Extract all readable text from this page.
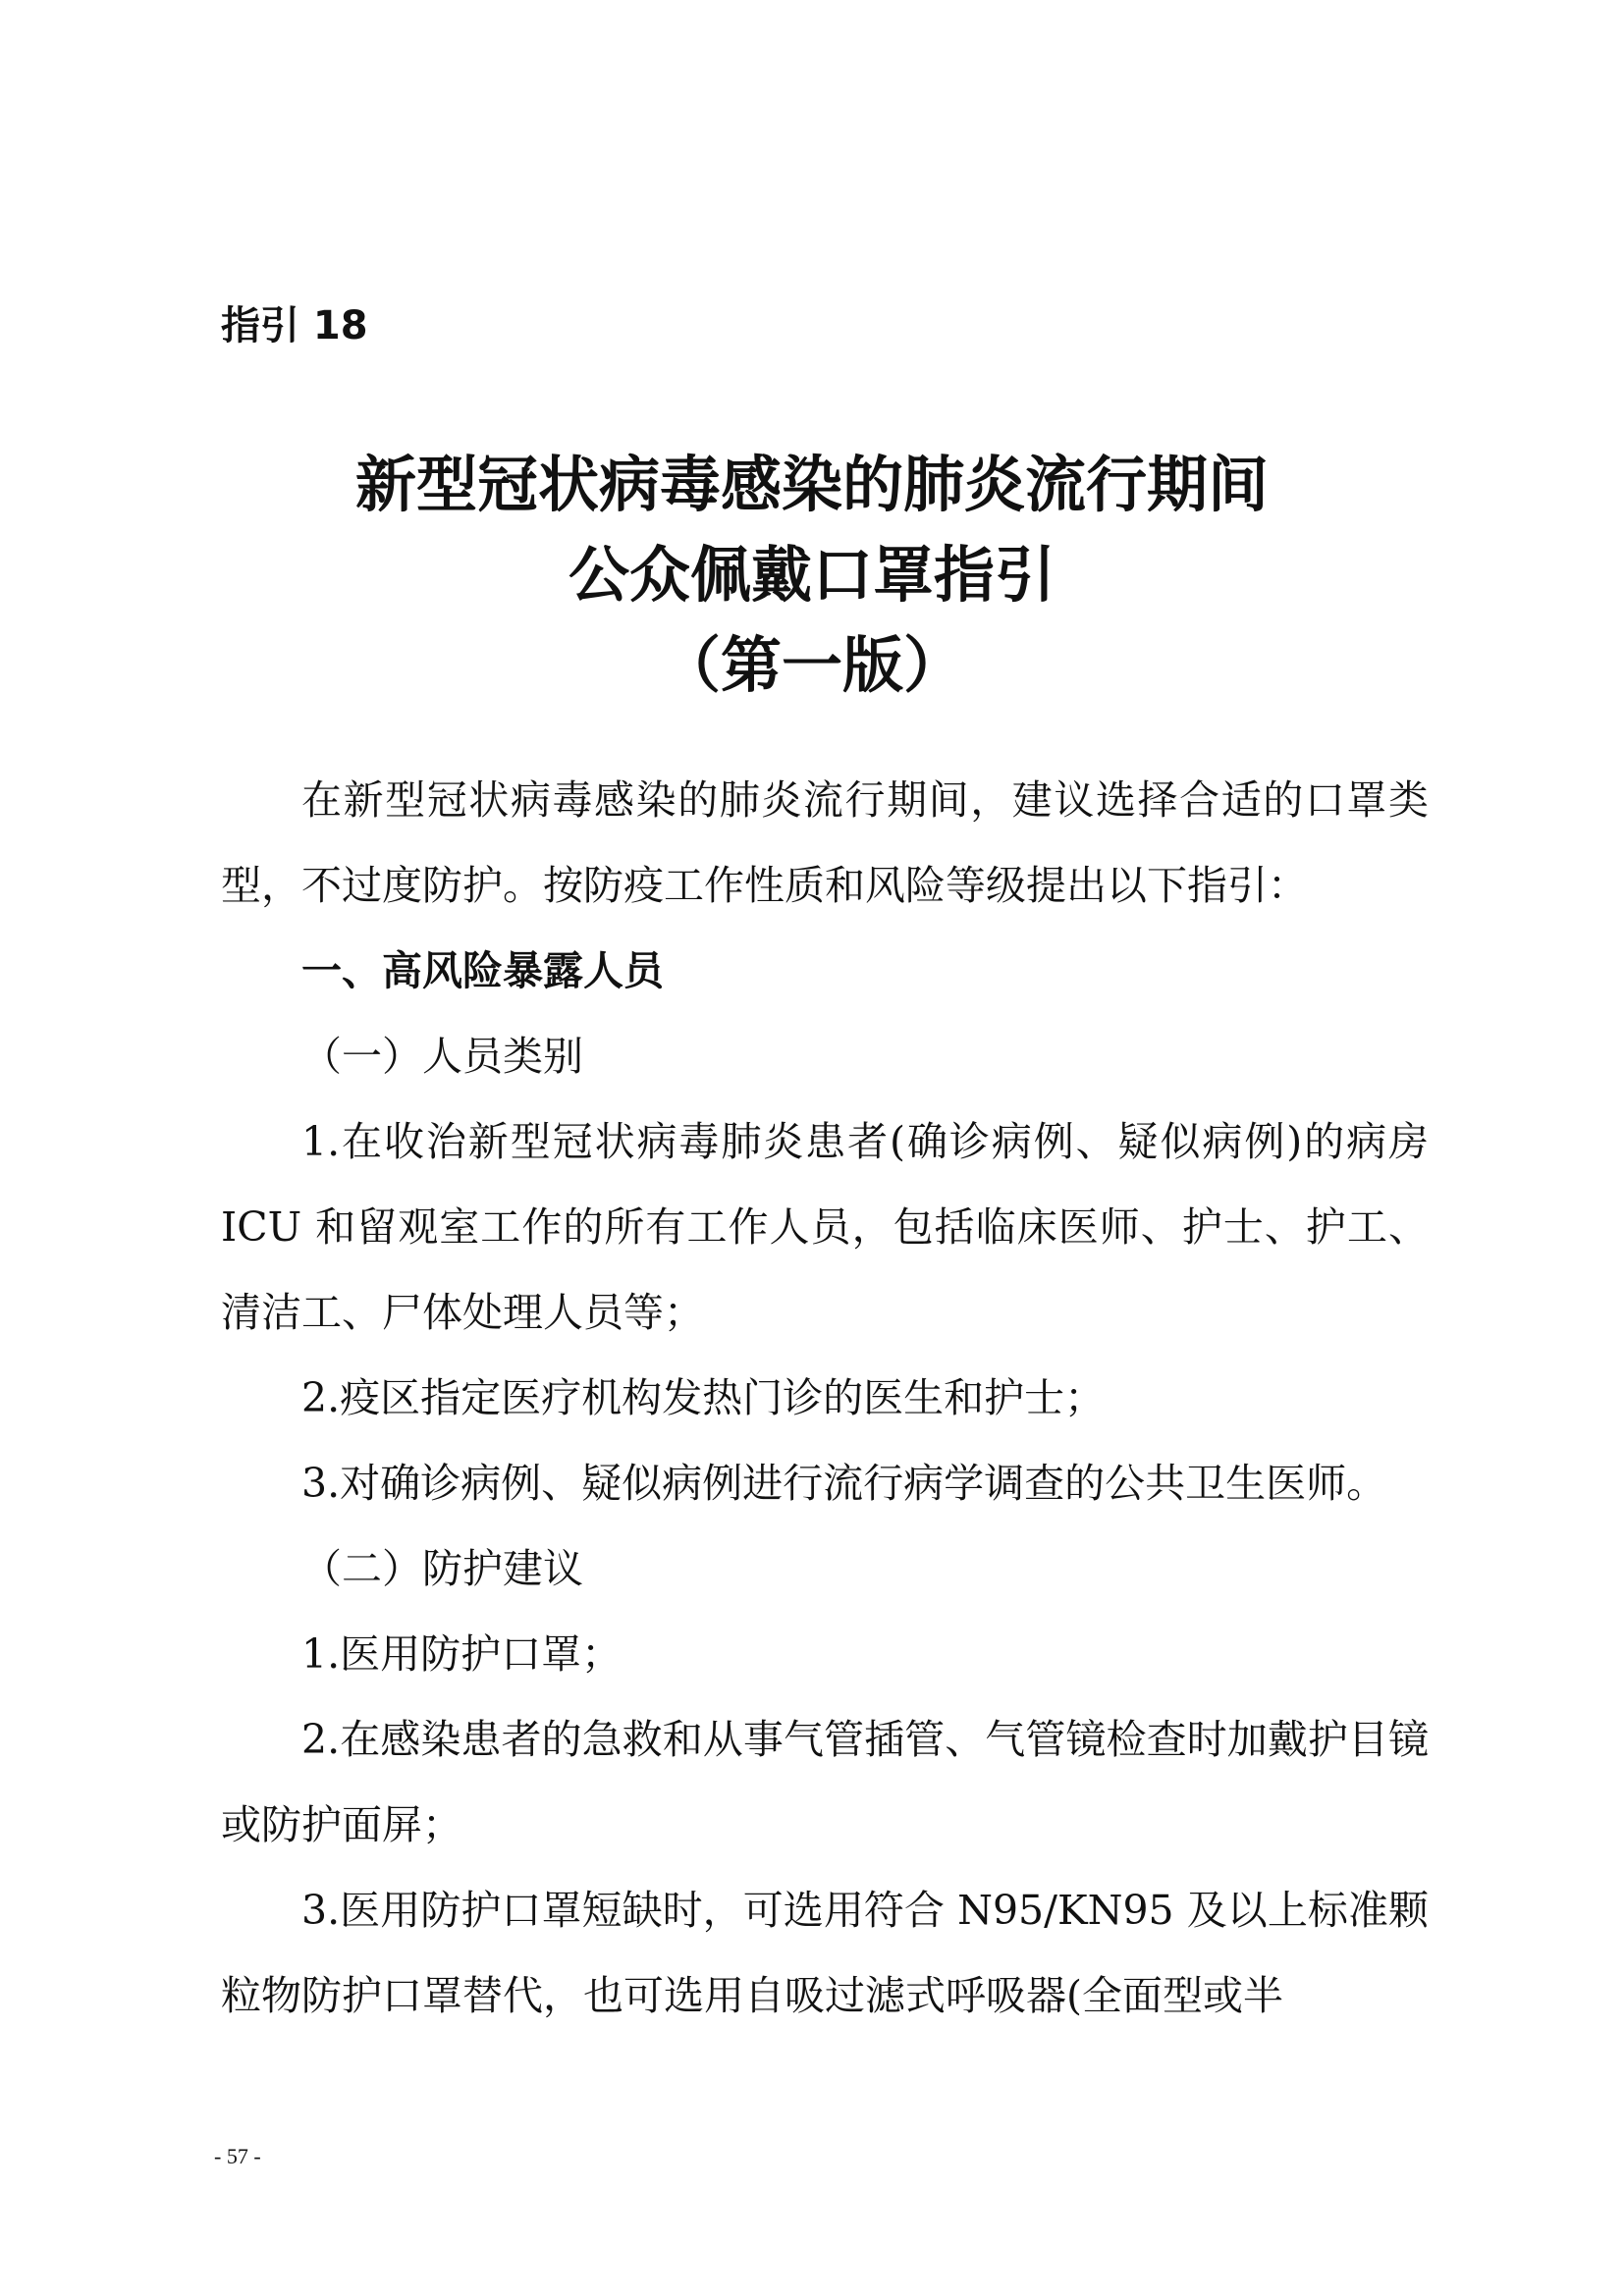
指引 18
新型冠状病毒感染的肺炎流行期间
公众佩戴口罩指引
（第一版）

在新型冠状病毒感染的肺炎流行期间，建议选择合适的口罩类型，不过度防护。按防疫工作性质和风险等级提出以下指引：

一、高风险暴露人员

（一）人员类别

1.在收治新型冠状病毒肺炎患者(确诊病例、疑似病例)的病房 ICU 和留观室工作的所有工作人员，包括临床医师、护士、护工、清洁工、尸体处理人员等；

2.疫区指定医疗机构发热门诊的医生和护士；

3.对确诊病例、疑似病例进行流行病学调查的公共卫生医师。

（二）防护建议

1.医用防护口罩；

2.在感染患者的急救和从事气管插管、气管镜检查时加戴护目镜或防护面屏；

3.医用防护口罩短缺时，可选用符合 N95/KN95 及以上标准颗粒物防护口罩替代，也可选用自吸过滤式呼吸器(全面型或半

- 57 -
